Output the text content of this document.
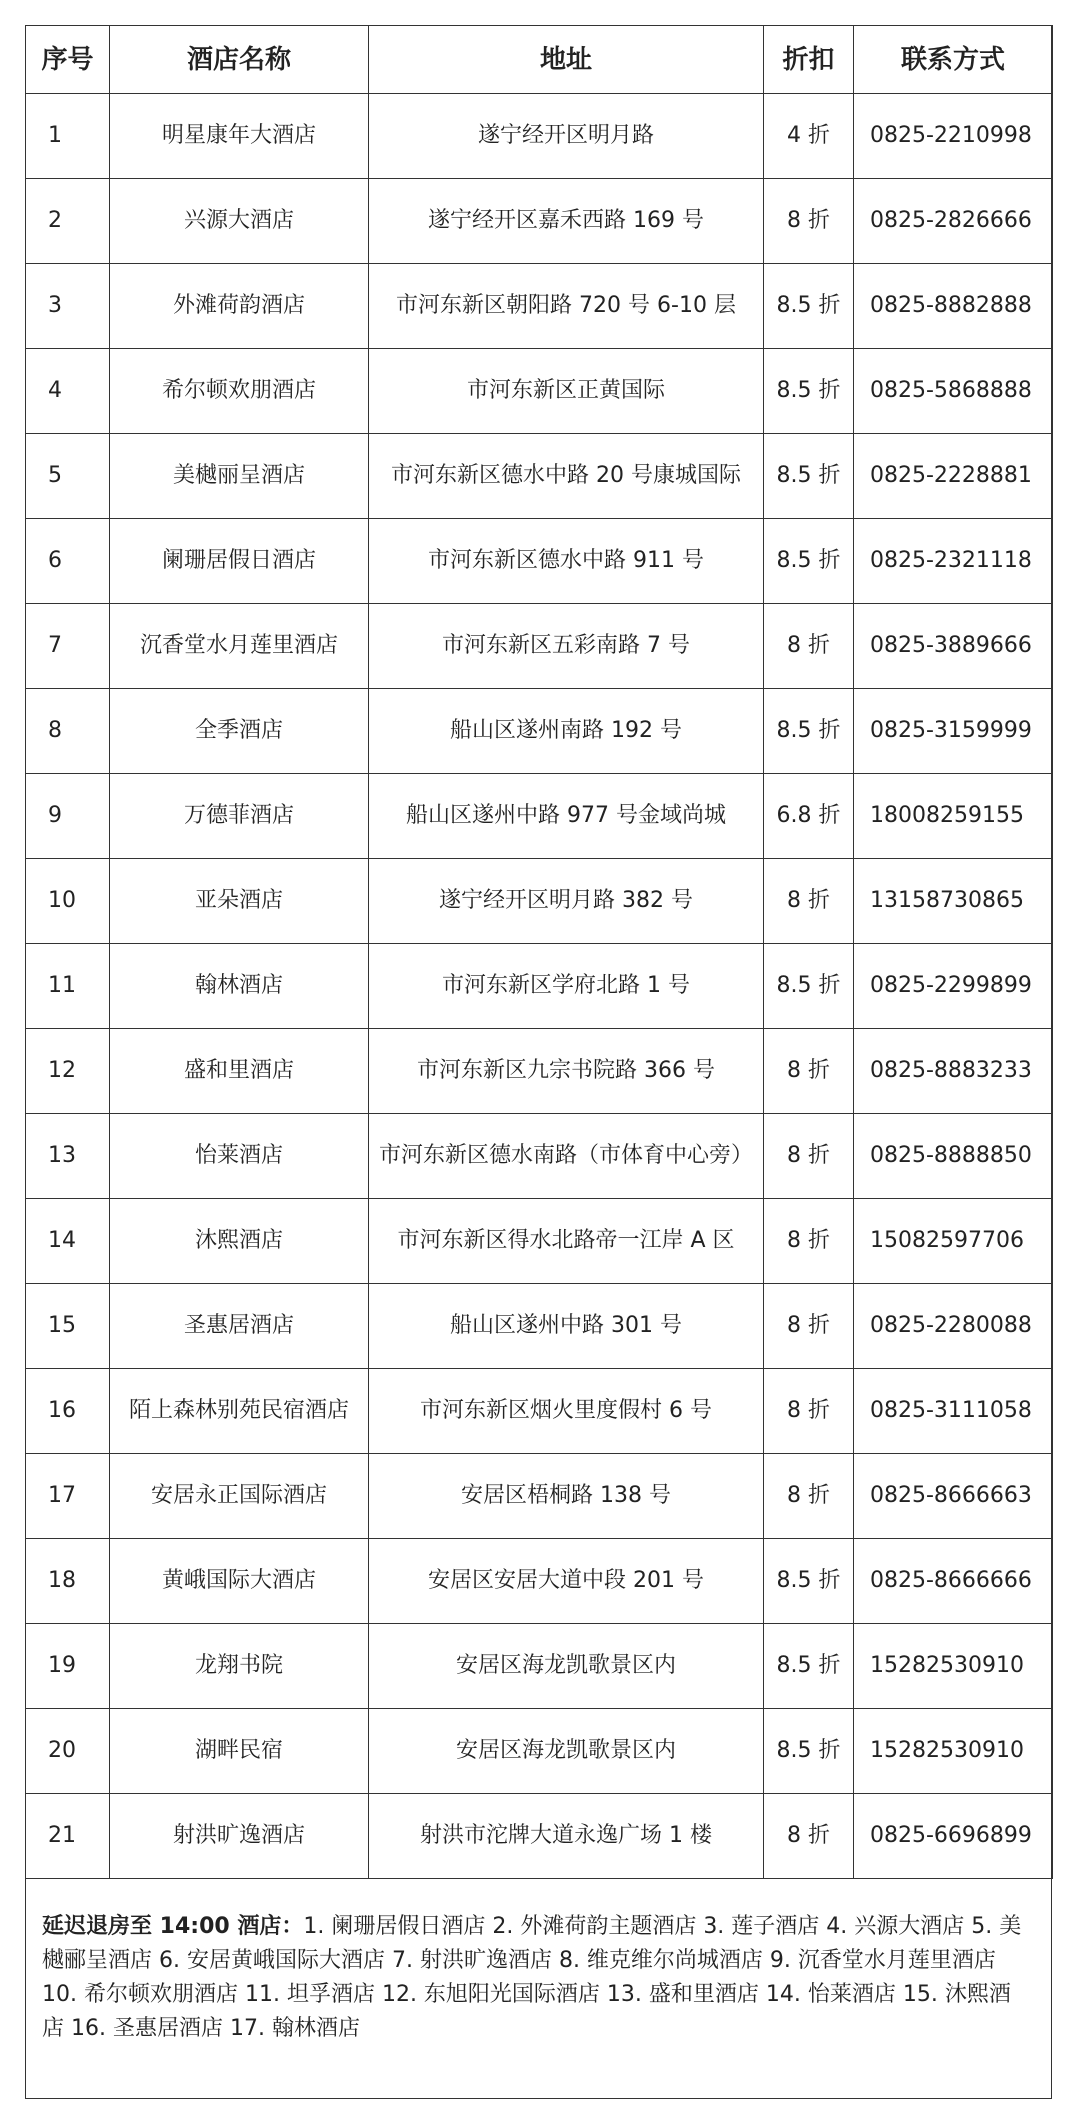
序号	酒店名称	地址	折扣	联系方式
1	明星康年大酒店	遂宁经开区明月路	4 折	0825-2210998
2	兴源大酒店	遂宁经开区嘉禾西路 169 号	8 折	0825-2826666
3	外滩荷韵酒店	市河东新区朝阳路 720 号 6-10 层	8.5 折	0825-8882888
4	希尔顿欢朋酒店	市河东新区正黄国际	8.5 折	0825-5868888
5	美樾丽呈酒店	市河东新区德水中路 20 号康城国际	8.5 折	0825-2228881
6	阑珊居假日酒店	市河东新区德水中路 911 号	8.5 折	0825-2321118
7	沉香堂水月莲里酒店	市河东新区五彩南路 7 号	8 折	0825-3889666
8	全季酒店	船山区遂州南路 192 号	8.5 折	0825-3159999
9	万德菲酒店	船山区遂州中路 977 号金域尚城	6.8 折	18008259155
10	亚朵酒店	遂宁经开区明月路 382 号	8 折	13158730865
11	翰林酒店	市河东新区学府北路 1 号	8.5 折	0825-2299899
12	盛和里酒店	市河东新区九宗书院路 366 号	8 折	0825-8883233
13	怡莱酒店	市河东新区德水南路（市体育中心旁）	8 折	0825-8888850
14	沐熙酒店	市河东新区得水北路帝一江岸 A 区	8 折	15082597706
15	圣惠居酒店	船山区遂州中路 301 号	8 折	0825-2280088
16	陌上森林别苑民宿酒店	市河东新区烟火里度假村 6 号	8 折	0825-3111058
17	安居永正国际酒店	安居区梧桐路 138 号	8 折	0825-8666663
18	黄峨国际大酒店	安居区安居大道中段 201 号	8.5 折	0825-8666666
19	龙翔书院	安居区海龙凯歌景区内	8.5 折	15282530910
20	湖畔民宿	安居区海龙凯歌景区内	8.5 折	15282530910
21	射洪旷逸酒店	射洪市沱牌大道永逸广场 1 楼	8 折	0825-6696899
延迟退房至 14:00 酒店：1. 阑珊居假日酒店 2. 外滩荷韵主题酒店 3. 莲子酒店 4. 兴源大酒店 5. 美樾郦呈酒店 6. 安居黄峨国际大酒店 7. 射洪旷逸酒店 8. 维克维尔尚城酒店 9. 沉香堂水月莲里酒店 10. 希尔顿欢朋酒店 11. 坦孚酒店 12. 东旭阳光国际酒店 13. 盛和里酒店 14. 怡莱酒店 15. 沐熙酒店 16. 圣惠居酒店 17. 翰林酒店
